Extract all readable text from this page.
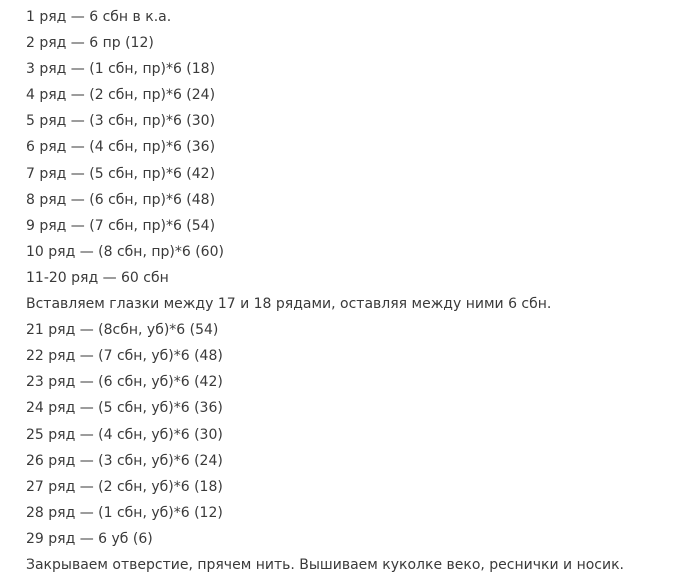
1 ряд — 6 сбн в к.а.
2 ряд — 6 пр (12)
3 ряд — (1 сбн, пр)*6 (18)
4 ряд — (2 сбн, пр)*6 (24)
5 ряд — (3 сбн, пр)*6 (30)
6 ряд — (4 сбн, пр)*6 (36)
7 ряд — (5 сбн, пр)*6 (42)
8 ряд — (6 сбн, пр)*6 (48)
9 ряд — (7 сбн, пр)*6 (54)
10 ряд — (8 сбн, пр)*6 (60)
11-20 ряд — 60 сбн
Вставляем глазки между 17 и 18 рядами, оставляя между ними 6 сбн.
21 ряд — (8сбн, уб)*6 (54)
22 ряд — (7 сбн, уб)*6 (48)
23 ряд — (6 сбн, уб)*6 (42)
24 ряд — (5 сбн, уб)*6 (36)
25 ряд — (4 сбн, уб)*6 (30)
26 ряд — (3 сбн, уб)*6 (24)
27 ряд — (2 сбн, уб)*6 (18)
28 ряд — (1 сбн, уб)*6 (12)
29 ряд — 6 уб (6)
Закрываем отверстие, прячем нить. Вышиваем куколке веко, реснички и носик.
